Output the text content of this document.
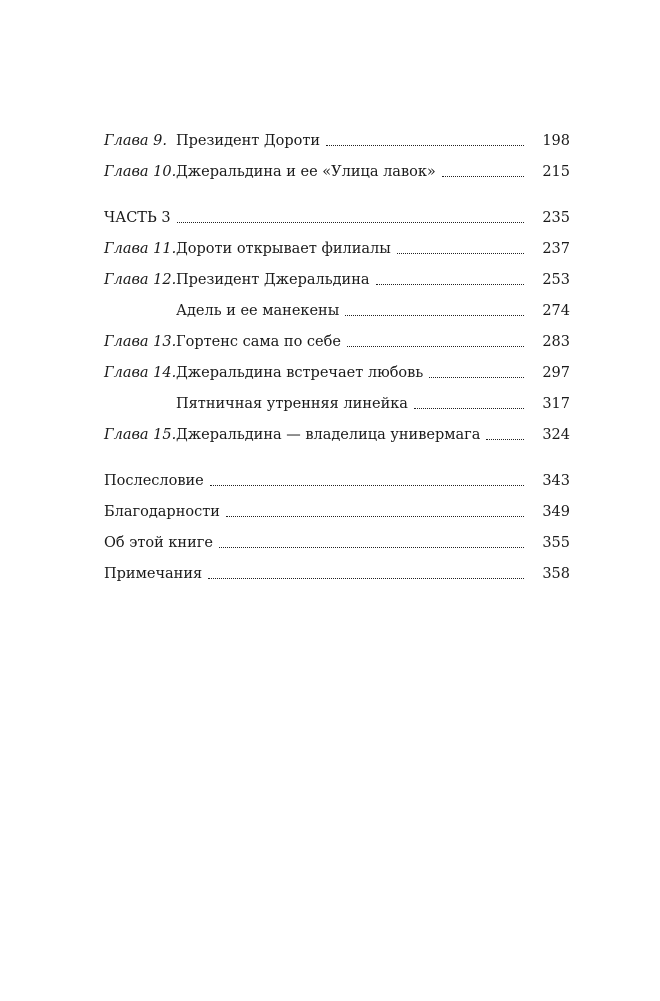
Глава 9. Президент Дороти	198
Глава 10. Джеральдина и ее «Улица лавок»	215
ЧАСТЬ 3	235
Глава 11. Дороти открывает филиалы	237
Глава 12. Президент Джеральдина	253
Адель и ее манекены	274
Глава 13. Гортенс сама по себе	283
Глава 14. Джеральдина встречает любовь	297
Пятничная утренняя линейка	317
Глава 15. Джеральдина — владелица универмага	324
Послесловие	343
Благодарности	349
Об этой книге	355
Примечания	358
